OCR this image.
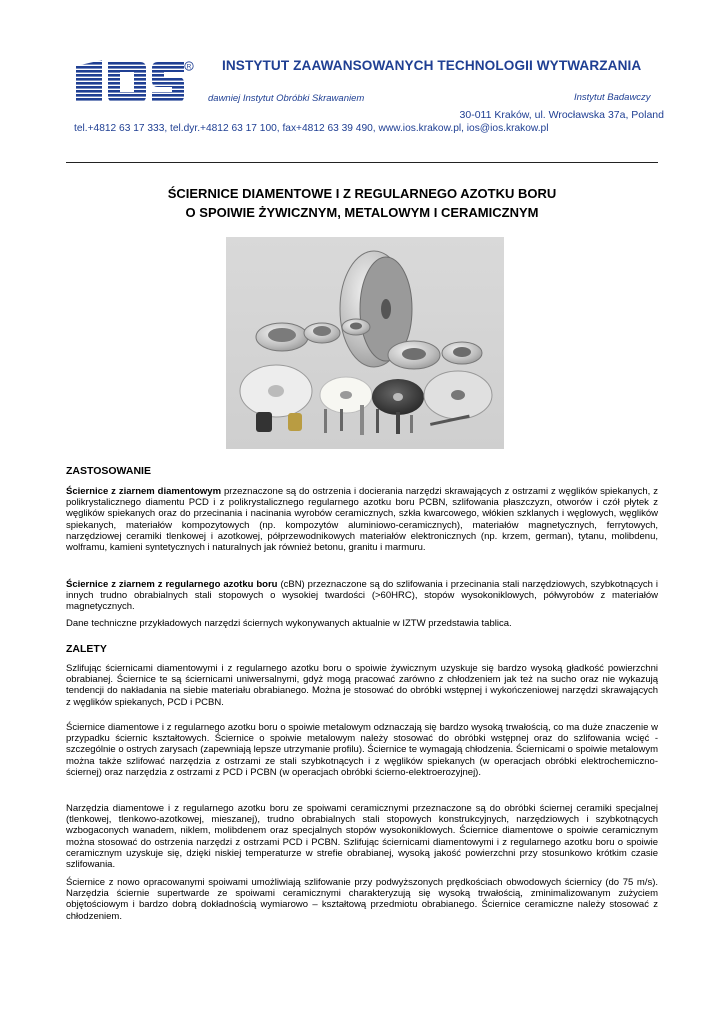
R INSTYTUT ZAAWANSOWANYCH TECHNOLOGII WYTWARZANIA
dawniej Instytut Obróbki Skrawaniem	Instytut Badawczy
30-011 Kraków, ul. Wrocławska 37a, Poland
tel.+4812 63 17 333, tel.dyr.+4812 63 17 100, fax+4812 63 39 490, www.ios.krakow.pl, ios@ios.krakow.pl
ŚCIERNICE DIAMENTOWE I Z REGULARNEGO AZOTKU BORU
O SPOIWIE ŻYWICZNYM, METALOWYM I CERAMICZNYM
ZASTOSOWANIE

Ściernice z ziarnem diamentowym przeznaczone są do ostrzenia i docierania narzędzi skrawających z ostrzami z węglików spiekanych, z polikrystalicznego diamentu PCD i z polikrystalicznego regularnego azotku boru PCBN, szlifowania płaszczyzn, otworów i czół płytek z węglików spiekanych oraz do przecinania i nacinania wyrobów ceramicznych, szkła kwarcowego, włókien szklanych i węglowych, węglików spiekanych, materiałów kompozytowych (np. kompozytów aluminiowo-ceramicznych), materiałów magnetycznych, ferrytowych, narzędziowej ceramiki tlenkowej i azotkowej, półprzewodnikowych materiałów elektronicznych (np. krzem, german), tytanu, molibdenu, wolframu, kamieni syntetycznych i naturalnych jak również betonu, granitu i marmuru.

Ściernice z ziarnem z regularnego azotku boru (cBN) przeznaczone są do szlifowania i przecinania stali narzędziowych, szybkotnących i innych trudno obrabialnych stali stopowych o wysokiej twardości (>60HRC), stopów wysokoniklowych, półwyrobów z materiałów magnetycznych.

Dane techniczne przykładowych narzędzi ściernych wykonywanych aktualnie w IZTW przedstawia tablica.

ZALETY

Szlifując ściernicami diamentowymi i z regularnego azotku boru o spoiwie żywicznym uzyskuje się bardzo wysoką gładkość powierzchni obrabianej. Ściernice te są ściernicami uniwersalnymi, gdyż mogą pracować zarówno z chłodzeniem jak też na sucho oraz nie wykazują tendencji do nakładania na siebie materiału obrabianego. Można je stosować do obróbki wstępnej i wykończeniowej narzędzi skrawających z węglików spiekanych, PCD i PCBN.

Ściernice diamentowe i z regularnego azotku boru o spoiwie metalowym odznaczają się bardzo wysoką trwałością, co ma duże znaczenie w przypadku ściernic kształtowych. Ściernice o spoiwie metalowym należy stosować do obróbki wstępnej oraz do szlifowania wcięć - szczególnie o ostrych zarysach (zapewniają lepsze utrzymanie profilu). Ściernice te wymagają chłodzenia. Ściernicami o spoiwie metalowym można także szlifować narzędzia z ostrzami ze stali szybkotnących i z węglików spiekanych (w operacjach obróbki elektrochemiczno-ściernej) oraz narzędzia z ostrzami z PCD i PCBN (w operacjach obróbki ścierno-elektroerozyjnej).

Narzędzia diamentowe i z regularnego azotku boru ze spoiwami ceramicznymi przeznaczone są do obróbki ściernej ceramiki specjalnej (tlenkowej, tlenkowo-azotkowej, mieszanej), trudno obrabialnych stali stopowych konstrukcyjnych, narzędziowych i szybkotnących wzbogaconych wanadem, niklem, molibdenem oraz specjalnych stopów wysokoniklowych. Ściernice diamentowe o spoiwie ceramicznym można stosować do ostrzenia narzędzi z ostrzami PCD i PCBN. Szlifując ściernicami diamentowymi i z regularnego azotku boru o spoiwie ceramicznym uzyskuje się, dzięki niskiej temperaturze w strefie obrabianej, wysoką jakość powierzchni przy stosunkowo krótkim czasie szlifowania.

Ściernice z nowo opracowanymi spoiwami umożliwiają szlifowanie przy podwyższonych prędkościach obwodowych ściernicy (do 75 m/s). Narzędzia ściernie supertwarde ze spoiwami ceramicznymi charakteryzują się wysoką trwałością, zminimalizowanym zużyciem objętościowym i bardzo dobrą dokładnością wymiarowo – kształtową przedmiotu obrabianego. Ściernice ceramiczne należy stosować z chłodzeniem.
